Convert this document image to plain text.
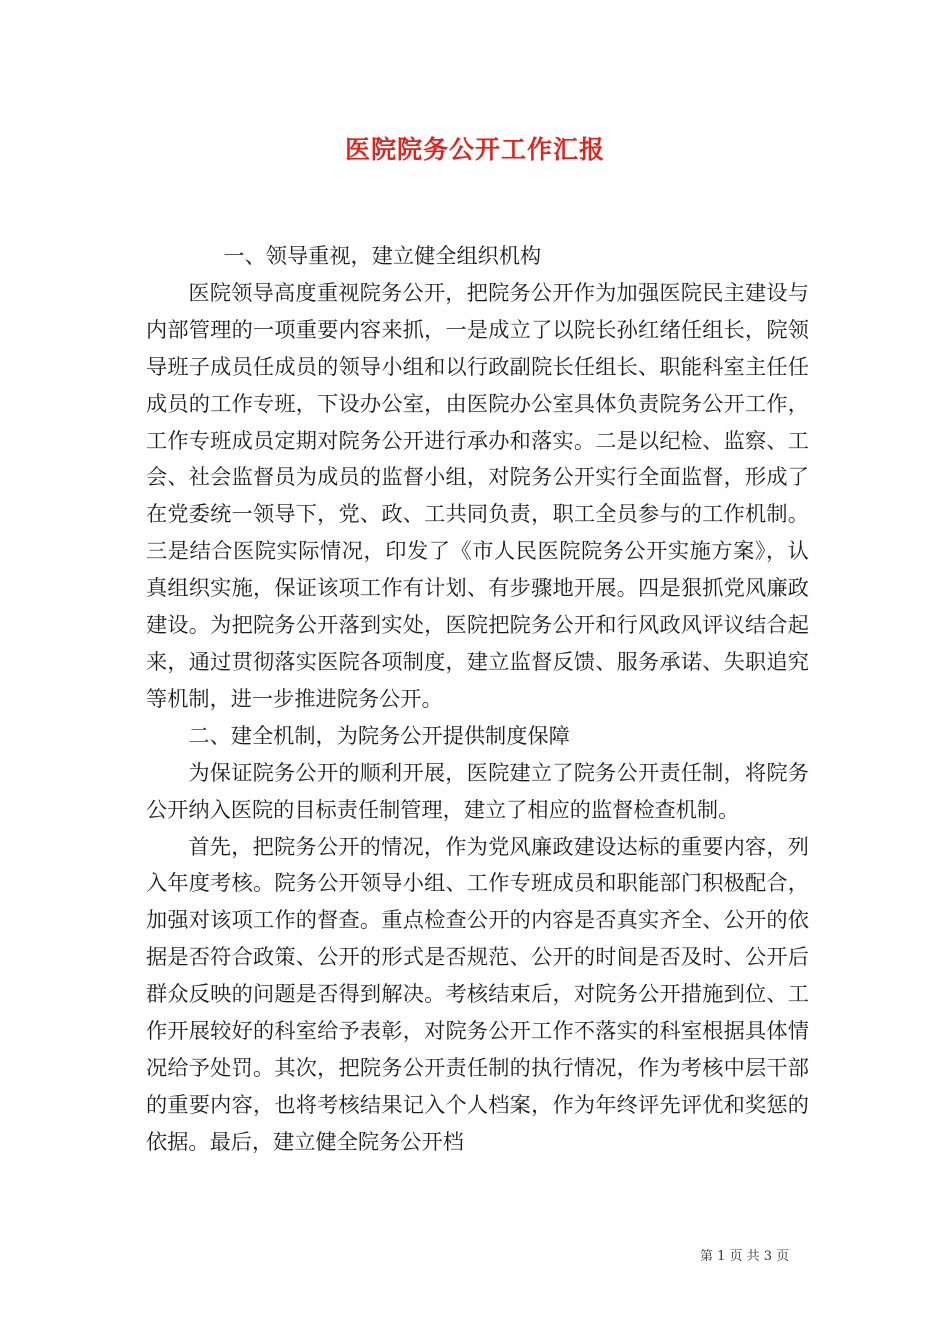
医院院务公开工作汇报

一、领导重视，建立健全组织机构

医院领导高度重视院务公开，把院务公开作为加强医院民主建设与内部管理的一项重要内容来抓，一是成立了以院长孙红绪任组长，院领导班子成员任成员的领导小组和以行政副院长任组长、职能科室主任任成员的工作专班，下设办公室，由医院办公室具体负责院务公开工作，工作专班成员定期对院务公开进行承办和落实。二是以纪检、监察、工会、社会监督员为成员的监督小组，对院务公开实行全面监督，形成了在党委统一领导下，党、政、工共同负责，职工全员参与的工作机制。三是结合医院实际情况，印发了《市人民医院院务公开实施方案》，认真组织实施，保证该项工作有计划、有步骤地开展。四是狠抓党风廉政建设。为把院务公开落到实处，医院把院务公开和行风政风评议结合起来，通过贯彻落实医院各项制度，建立监督反馈、服务承诺、失职追究等机制，进一步推进院务公开。

二、建全机制，为院务公开提供制度保障

为保证院务公开的顺利开展，医院建立了院务公开责任制，将院务公开纳入医院的目标责任制管理，建立了相应的监督检查机制。

首先，把院务公开的情况，作为党风廉政建设达标的重要内容，列入年度考核。院务公开领导小组、工作专班成员和职能部门积极配合，加强对该项工作的督查。重点检查公开的内容是否真实齐全、公开的依据是否符合政策、公开的形式是否规范、公开的时间是否及时、公开后群众反映的问题是否得到解决。考核结束后，对院务公开措施到位、工作开展较好的科室给予表彰，对院务公开工作不落实的科室根据具体情况给予处罚。其次，把院务公开责任制的执行情况，作为考核中层干部的重要内容，也将考核结果记入个人档案，作为年终评先评优和奖惩的依据。最后，建立健全院务公开档

第 1 页 共 3 页
